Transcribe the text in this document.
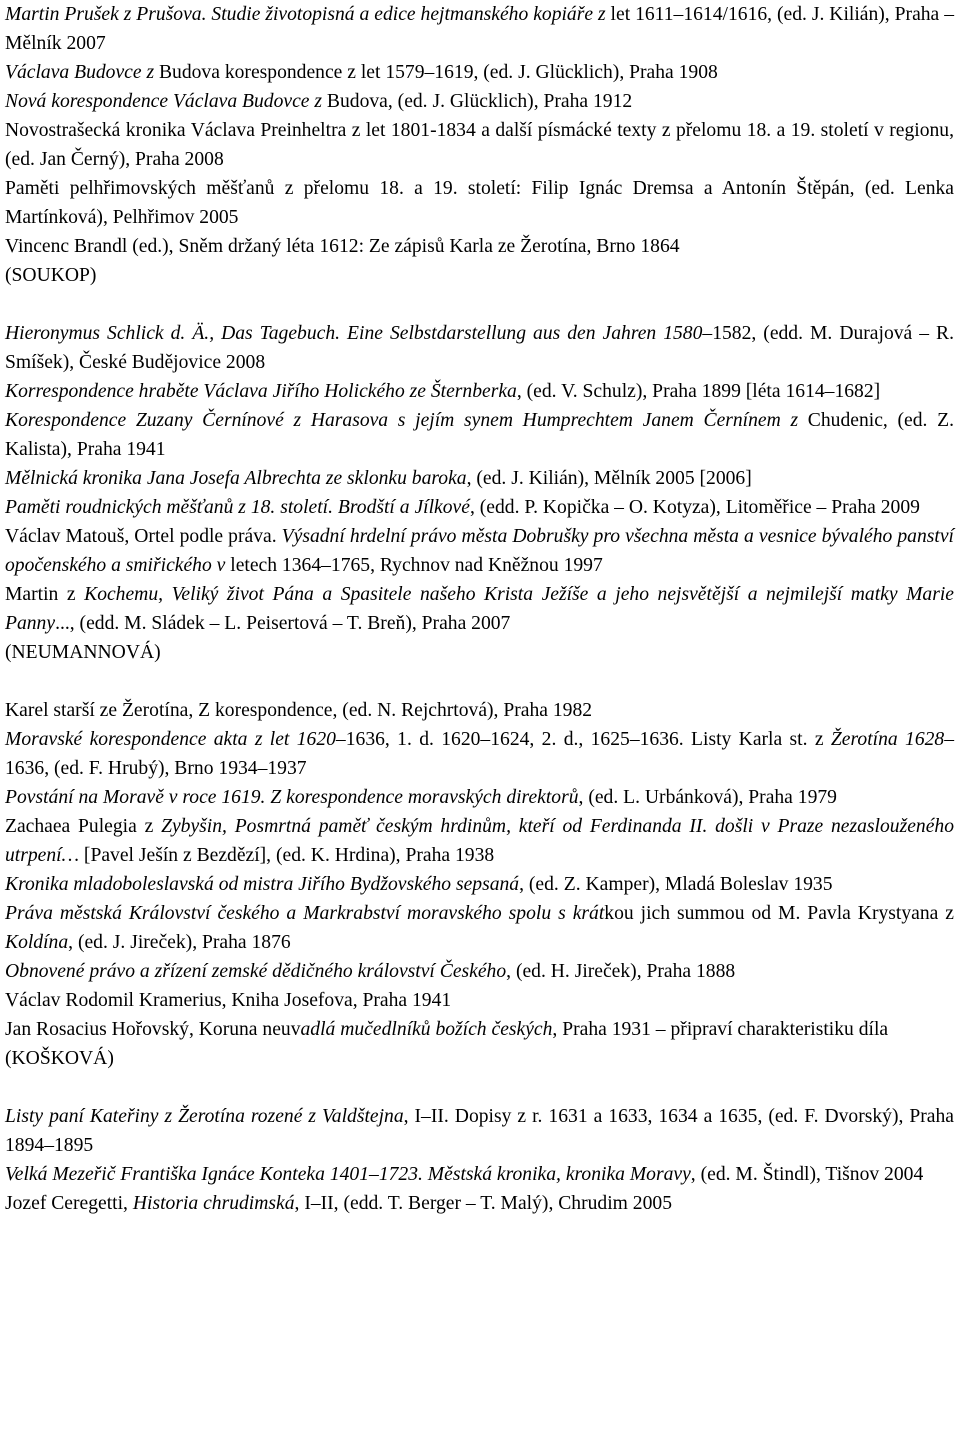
Martin Prušek z Prušova. Studie životopisná a edice hejtmanského kopiáře z let 1611–1614/1616, (ed. J. Kilián), Praha – Mělník 2007

Václava Budovce z Budova korespondence z let 1579–1619, (ed. J. Glücklich), Praha 1908

Nová korespondence Václava Budovce z Budova, (ed. J. Glücklich), Praha 1912

Novostrašecká kronika Václava Preinheltra z let 1801-1834 a další písmácké texty z přelomu 18. a 19. století v regionu, (ed. Jan Černý), Praha 2008

Paměti pelhřimovských měšťanů z přelomu 18. a 19. století: Filip Ignác Dremsa a Antonín Štěpán, (ed. Lenka Martínková), Pelhřimov 2005

Vincenc Brandl (ed.), Sněm držaný léta 1612: Ze zápisů Karla ze Žerotína, Brno 1864

(SOUKOP)

Hieronymus Schlick d. Ä., Das Tagebuch. Eine Selbstdarstellung aus den Jahren 1580–1582, (edd. M. Durajová – R. Smíšek), České Budějovice 2008

Korrespondence hraběte Václava Jiřího Holického ze Šternberka, (ed. V. Schulz), Praha 1899 [léta 1614–1682]

Korespondence Zuzany Černínové z Harasova s jejím synem Humprechtem Janem Černínem z Chudenic, (ed. Z. Kalista), Praha 1941

Mělnická kronika Jana Josefa Albrechta ze sklonku baroka, (ed. J. Kilián), Mělník 2005 [2006]

Paměti roudnických měšťanů z 18. století. Brodští a Jílkové, (edd. P. Kopička – O. Kotyza), Litoměřice – Praha 2009

Václav Matouš, Ortel podle práva. Výsadní hrdelní právo města Dobrušky pro všechna města a vesnice bývalého panství opočenského a smiřického v letech 1364–1765, Rychnov nad Kněžnou 1997

Martin z Kochemu, Veliký život Pána a Spasitele našeho Krista Ježíše a jeho nejsvětější a nejmilejší matky Marie Panny..., (edd. M. Sládek – L. Peisertová – T. Breň), Praha 2007

(NEUMANNOVÁ)

Karel starší ze Žerotína, Z korespondence, (ed. N. Rejchrtová), Praha 1982

Moravské korespondence akta z let 1620–1636, 1. d. 1620–1624, 2. d., 1625–1636. Listy Karla st. z Žerotína 1628–1636, (ed. F. Hrubý), Brno 1934–1937

Povstání na Moravě v roce 1619. Z korespondence moravských direktorů, (ed. L. Urbánková), Praha 1979

Zachaea Pulegia z Zybyšin, Posmrtná paměť českým hrdinům, kteří od Ferdinanda II. došli v Praze nezaslouženého utrpení… [Pavel Ješín z Bezdězí], (ed. K. Hrdina), Praha 1938

Kronika mladoboleslavská od mistra Jiřího Bydžovského sepsaná, (ed. Z. Kamper), Mladá Boleslav 1935

Práva městská Království českého a Markrabství moravského spolu s krátkou jich summou od M. Pavla Krystyana z Koldína, (ed. J. Jireček), Praha 1876

Obnovené právo a zřízení zemské dědičného království Českého, (ed. H. Jireček), Praha 1888

Václav Rodomil Kramerius, Kniha Josefova, Praha 1941

Jan Rosacius Hořovský, Koruna neuvadlá mučedlníků božích českých, Praha 1931 – připraví charakteristiku díla

(KOŠKOVÁ)

Listy paní Kateřiny z Žerotína rozené z Valdštejna, I–II. Dopisy z r. 1631 a 1633, 1634 a 1635, (ed. F. Dvorský), Praha 1894–1895

Velká Mezeřič Františka Ignáce Konteka 1401–1723. Městská kronika, kronika Moravy, (ed. M. Štindl), Tišnov 2004

Jozef Ceregetti, Historia chrudimská, I–II, (edd. T. Berger – T. Malý), Chrudim 2005
